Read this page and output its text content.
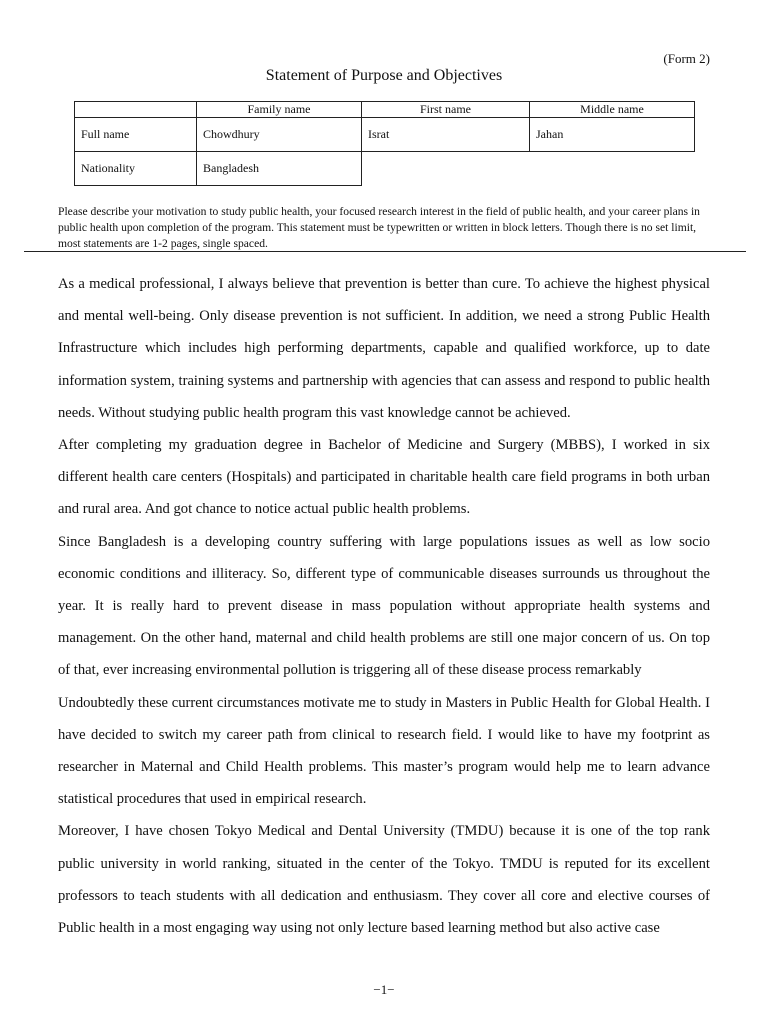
(Form 2)
Statement of Purpose and Objectives
	Family name	First name	Middle name
Full name	Chowdhury	Israt	Jahan
Nationality	Bangladesh		
Please describe your motivation to study public health, your focused research interest in the field of public health, and your career plans in public health upon completion of the program. This statement must be typewritten or written in block letters. Though there is no set limit, most statements are 1-2 pages, single spaced.

As a medical professional, I always believe that prevention is better than cure. To achieve the highest physical and mental well-being. Only disease prevention is not sufficient. In addition, we need a strong Public Health Infrastructure which includes high performing departments, capable and qualified workforce, up to date information system, training systems and partnership with agencies that can assess and respond to public health needs. Without studying public health program this vast knowledge cannot be achieved.

After completing my graduation degree in Bachelor of Medicine and Surgery (MBBS), I worked in six different health care centers (Hospitals) and participated in charitable health care field programs in both urban and rural area. And got chance to notice actual public health problems.

Since Bangladesh is a developing country suffering with large populations issues as well as low socio economic conditions and illiteracy. So, different type of communicable diseases surrounds us throughout the year. It is really hard to prevent disease in mass population without appropriate health systems and management. On the other hand, maternal and child health problems are still one major concern of us. On top of that, ever increasing environmental pollution is triggering all of these disease process remarkably

Undoubtedly these current circumstances motivate me to study in Masters in Public Health for Global Health. I have decided to switch my career path from clinical to research field. I would like to have my footprint as researcher in Maternal and Child Health problems. This master’s program would help me to learn advance statistical procedures that used in empirical research.

Moreover, I have chosen Tokyo Medical and Dental University (TMDU) because it is one of the top rank public university in world ranking, situated in the center of the Tokyo. TMDU is reputed for its excellent professors to teach students with all dedication and enthusiasm. They cover all core and elective courses of Public health in a most engaging way using not only lecture based learning method but also active case

−1−
